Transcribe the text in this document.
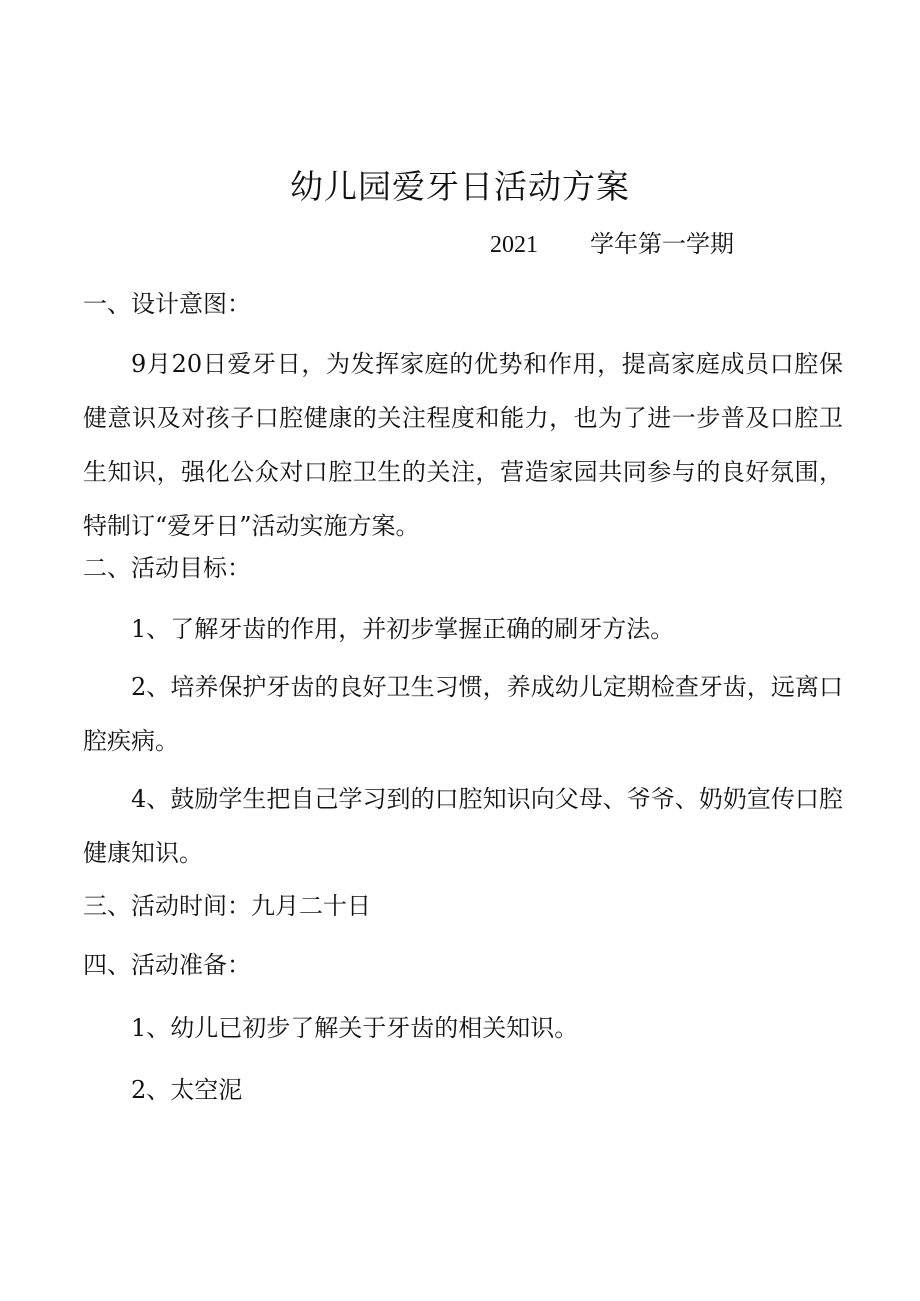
幼儿园爱牙日活动方案
2021 学年第一学期
一、设计意图：
9月20日爱牙日，为发挥家庭的优势和作用，提高家庭成员口腔保健意识及对孩子口腔健康的关注程度和能力，也为了进一步普及口腔卫生知识，强化公众对口腔卫生的关注，营造家园共同参与的良好氛围，特制订“爱牙日”活动实施方案。
二、活动目标：
1、了解牙齿的作用，并初步掌握正确的刷牙方法。
2、培养保护牙齿的良好卫生习惯，养成幼儿定期检查牙齿，远离口腔疾病。
4、鼓励学生把自己学习到的口腔知识向父母、爷爷、奶奶宣传口腔健康知识。
三、活动时间：九月二十日
四、活动准备：
1、幼儿已初步了解关于牙齿的相关知识。
2、太空泥
